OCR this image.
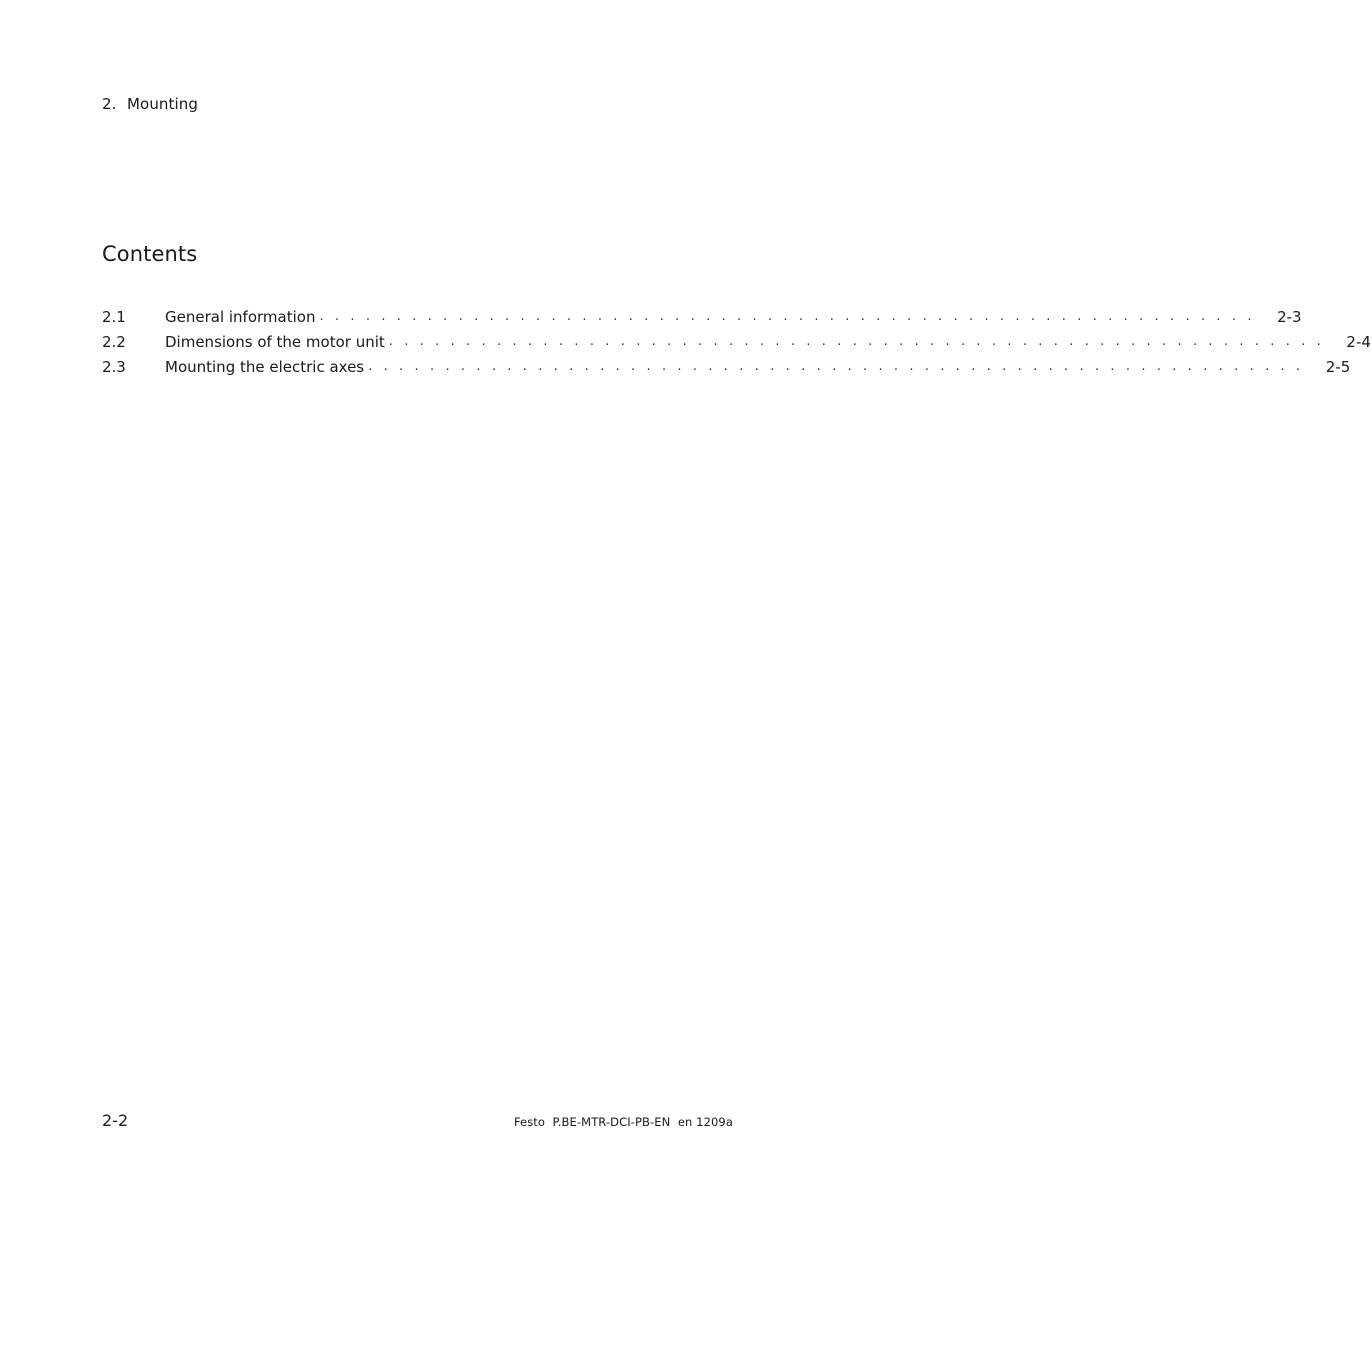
2. Mounting
Contents
2.1	General information . . . . . . . . . . . . . . . . . . . . . . . . . . . . . . . . . . . . . . . . . . . . . . . . . . . . . . . . . . . . . 2-3
2.2	Dimensions of the motor unit . . . . . . . . . . . . . . . . . . . . . . . . . . . . . . . . . . . . . . . . . . . . . . . . . . . . . . . . . . . . . 2-4
2.3	Mounting the electric axes . . . . . . . . . . . . . . . . . . . . . . . . . . . . . . . . . . . . . . . . . . . . . . . . . . . . . . . . . . . . . 2-5
2-2	Festo  P.BE-MTR-DCI-PB-EN  en 1209a
